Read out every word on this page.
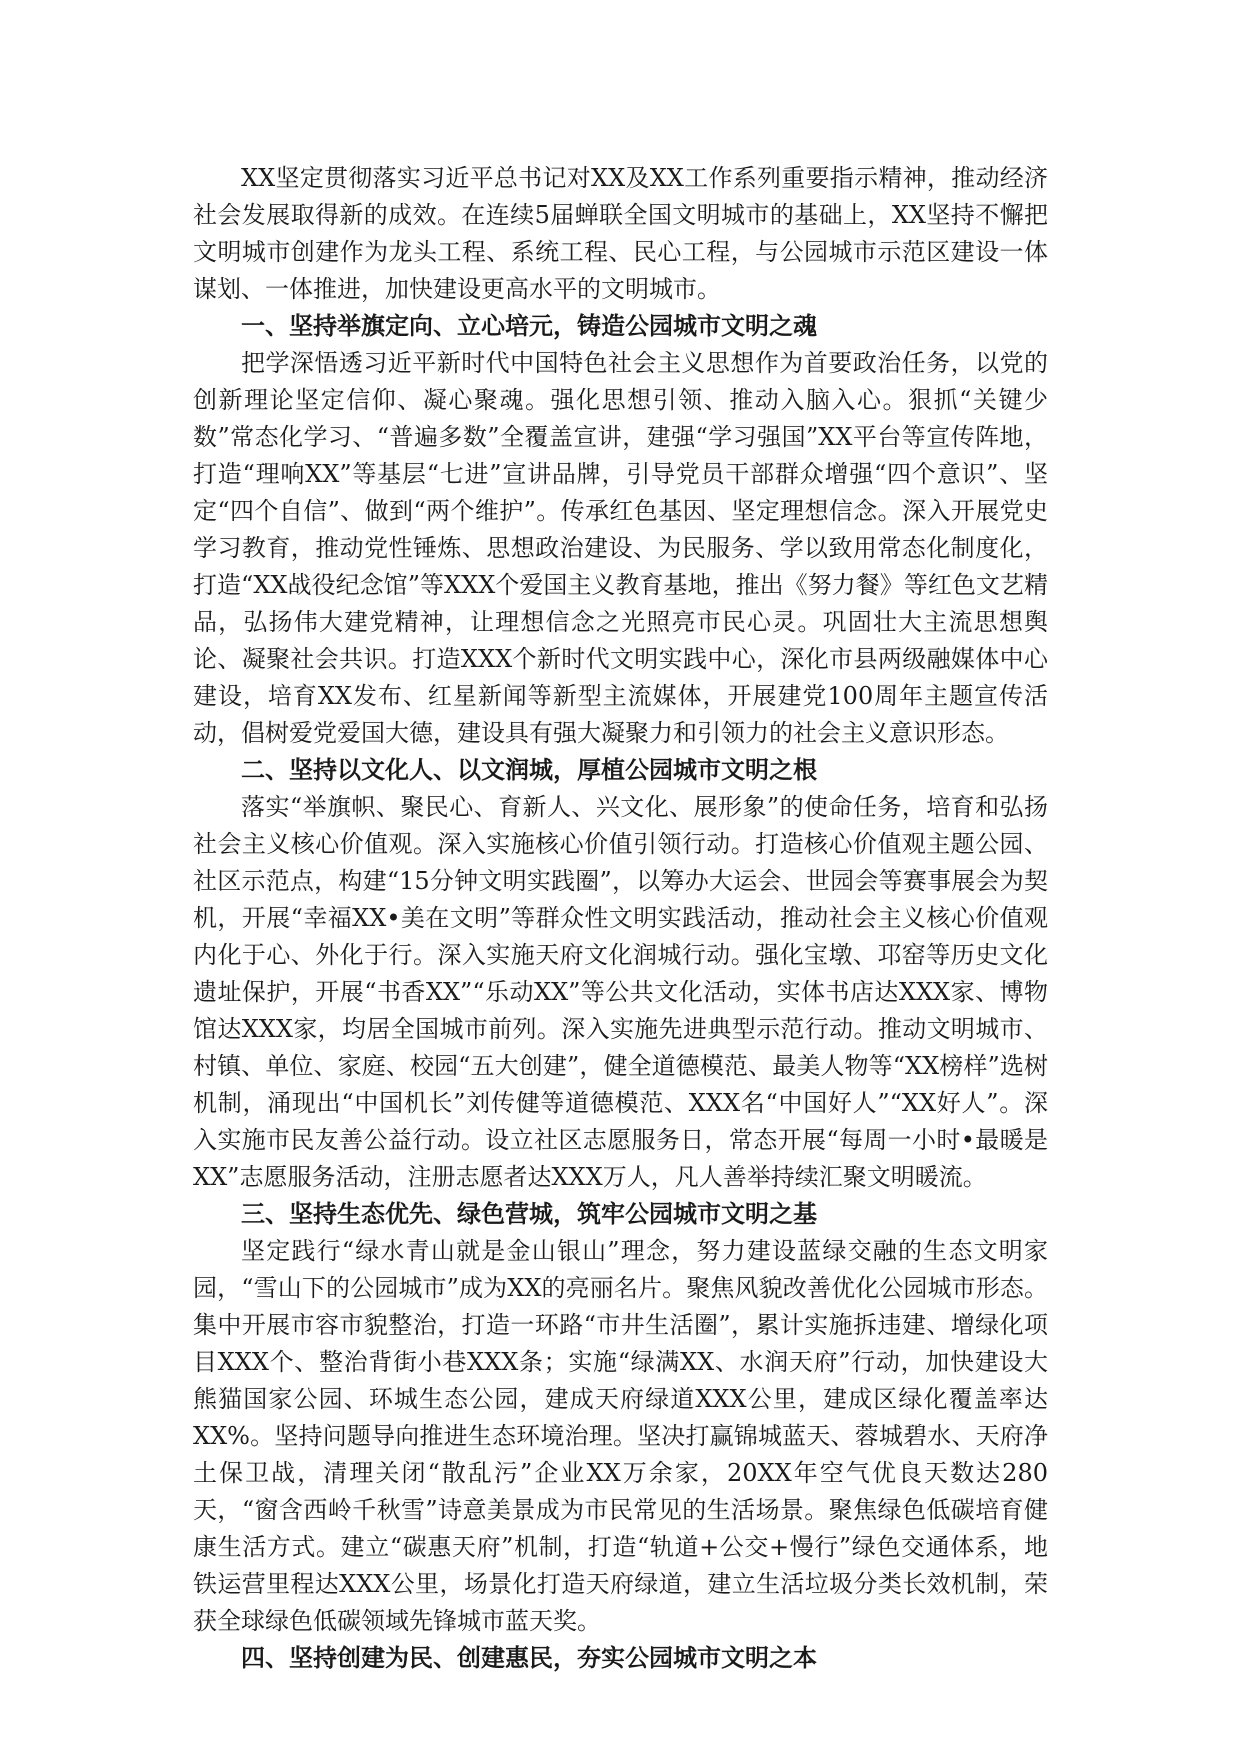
XX坚定贯彻落实习近平总书记对XX及XX工作系列重要指示精神，推动经济社会发展取得新的成效。在连续5届蝉联全国文明城市的基础上，XX坚持不懈把文明城市创建作为龙头工程、系统工程、民心工程，与公园城市示范区建设一体谋划、一体推进，加快建设更高水平的文明城市。

一、坚持举旗定向、立心培元，铸造公园城市文明之魂

把学深悟透习近平新时代中国特色社会主义思想作为首要政治任务，以党的创新理论坚定信仰、凝心聚魂。强化思想引领、推动入脑入心。狠抓“关键少数”常态化学习、“普遍多数”全覆盖宣讲，建强“学习强国”XX平台等宣传阵地，打造“理响XX”等基层“七进”宣讲品牌，引导党员干部群众增强“四个意识”、坚定“四个自信”、做到“两个维护”。传承红色基因、坚定理想信念。深入开展党史学习教育，推动党性锤炼、思想政治建设、为民服务、学以致用常态化制度化，打造“XX战役纪念馆”等XXX个爱国主义教育基地，推出《努力餐》等红色文艺精品，弘扬伟大建党精神，让理想信念之光照亮市民心灵。巩固壮大主流思想舆论、凝聚社会共识。打造XXX个新时代文明实践中心，深化市县两级融媒体中心建设，培育XX发布、红星新闻等新型主流媒体，开展建党100周年主题宣传活动，倡树爱党爱国大德，建设具有强大凝聚力和引领力的社会主义意识形态。

二、坚持以文化人、以文润城，厚植公园城市文明之根

落实“举旗帜、聚民心、育新人、兴文化、展形象”的使命任务，培育和弘扬社会主义核心价值观。深入实施核心价值引领行动。打造核心价值观主题公园、社区示范点，构建“15分钟文明实践圈”，以筹办大运会、世园会等赛事展会为契机，开展“幸福XX•美在文明”等群众性文明实践活动，推动社会主义核心价值观内化于心、外化于行。深入实施天府文化润城行动。强化宝墩、邛窑等历史文化遗址保护，开展“书香XX”“乐动XX”等公共文化活动，实体书店达XXX家、博物馆达XXX家，均居全国城市前列。深入实施先进典型示范行动。推动文明城市、村镇、单位、家庭、校园“五大创建”，健全道德模范、最美人物等“XX榜样”选树机制，涌现出“中国机长”刘传健等道德模范、XXX名“中国好人”“XX好人”。深入实施市民友善公益行动。设立社区志愿服务日，常态开展“每周一小时•最暖是XX”志愿服务活动，注册志愿者达XXX万人，凡人善举持续汇聚文明暖流。

三、坚持生态优先、绿色营城，筑牢公园城市文明之基

坚定践行“绿水青山就是金山银山”理念，努力建设蓝绿交融的生态文明家园，“雪山下的公园城市”成为XX的亮丽名片。聚焦风貌改善优化公园城市形态。集中开展市容市貌整治，打造一环路“市井生活圈”，累计实施拆违建、增绿化项目XXX个、整治背街小巷XXX条；实施“绿满XX、水润天府”行动，加快建设大熊猫国家公园、环城生态公园，建成天府绿道XXX公里，建成区绿化覆盖率达XX%。坚持问题导向推进生态环境治理。坚决打赢锦城蓝天、蓉城碧水、天府净土保卫战，清理关闭“散乱污”企业XX万余家，20XX年空气优良天数达280天，“窗含西岭千秋雪”诗意美景成为市民常见的生活场景。聚焦绿色低碳培育健康生活方式。建立“碳惠天府”机制，打造“轨道+公交+慢行”绿色交通体系，地铁运营里程达XXX公里，场景化打造天府绿道，建立生活垃圾分类长效机制，荣获全球绿色低碳领域先锋城市蓝天奖。

四、坚持创建为民、创建惠民，夯实公园城市文明之本
